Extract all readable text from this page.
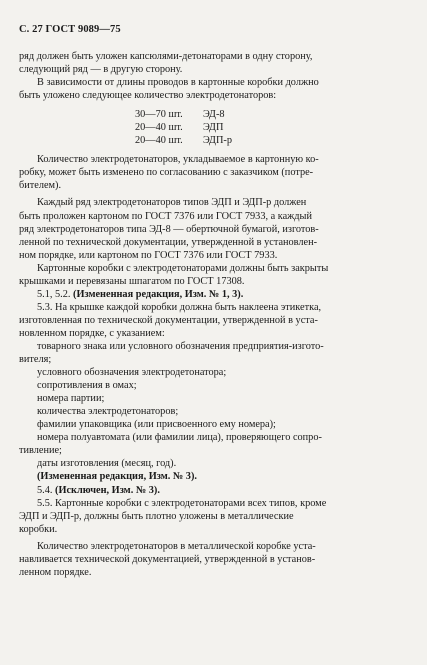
С. 27 ГОСТ 9089—75

ряд должен быть уложен капсюлями-детонаторами в одну сторону,
следующий ряд — в другую сторону.

В зависимости от длины проводов в картонные коробки должно
быть уложено следующее количество электродетонаторов:

30—70 шт.	ЭД-8
20—40 шт.	ЭДП
20—40 шт.	ЭДП-р

Количество электродетонаторов, укладываемое в картонную ко-
робку, может быть изменено по согласованию с заказчиком (потре-
бителем).

Каждый ряд электродетонаторов типов ЭДП и ЭДП-р должен
быть проложен картоном по ГОСТ 7376 или ГОСТ 7933, а каждый
ряд электродетонаторов типа ЭД-8 — обертючной бумагой, изготов-
ленной по технической документации, утвержденной в установлен-
ном порядке, или картоном по ГОСТ 7376 или ГОСТ 7933.

Картонные коробки с электродетонаторами должны быть закрыты
крышками и перевязаны шпагатом по ГОСТ 17308.

5.1, 5.2. (Измененная редакция, Изм. № 1, 3).

5.3. На крышке каждой коробки должна быть наклеена этикетка,
изготовленная по технической документации, утвержденной в уста-
новленном порядке, с указанием:

товарного знака или условного обозначения предприятия-изгото-
вителя;

условного обозначения электродетонатора;

сопротивления в омах;

номера партии;

количества электродетонаторов;

фамилии упаковщика (или присвоенного ему номера);

номера полуавтомата (или фамилии лица), проверяющего сопро-
тивление;

даты изготовления (месяц, год).

(Измененная редакция, Изм. № 3).

5.4. (Исключен, Изм. № 3).

5.5. Картонные коробки с электродетонаторами всех типов, кроме
ЭДП и ЭДП-р, должны быть плотно уложены в металлические
коробки.

Количество электродетонаторов в металлической коробке уста-
навливается технической документацией, утвержденной в установ-
ленном порядке.
